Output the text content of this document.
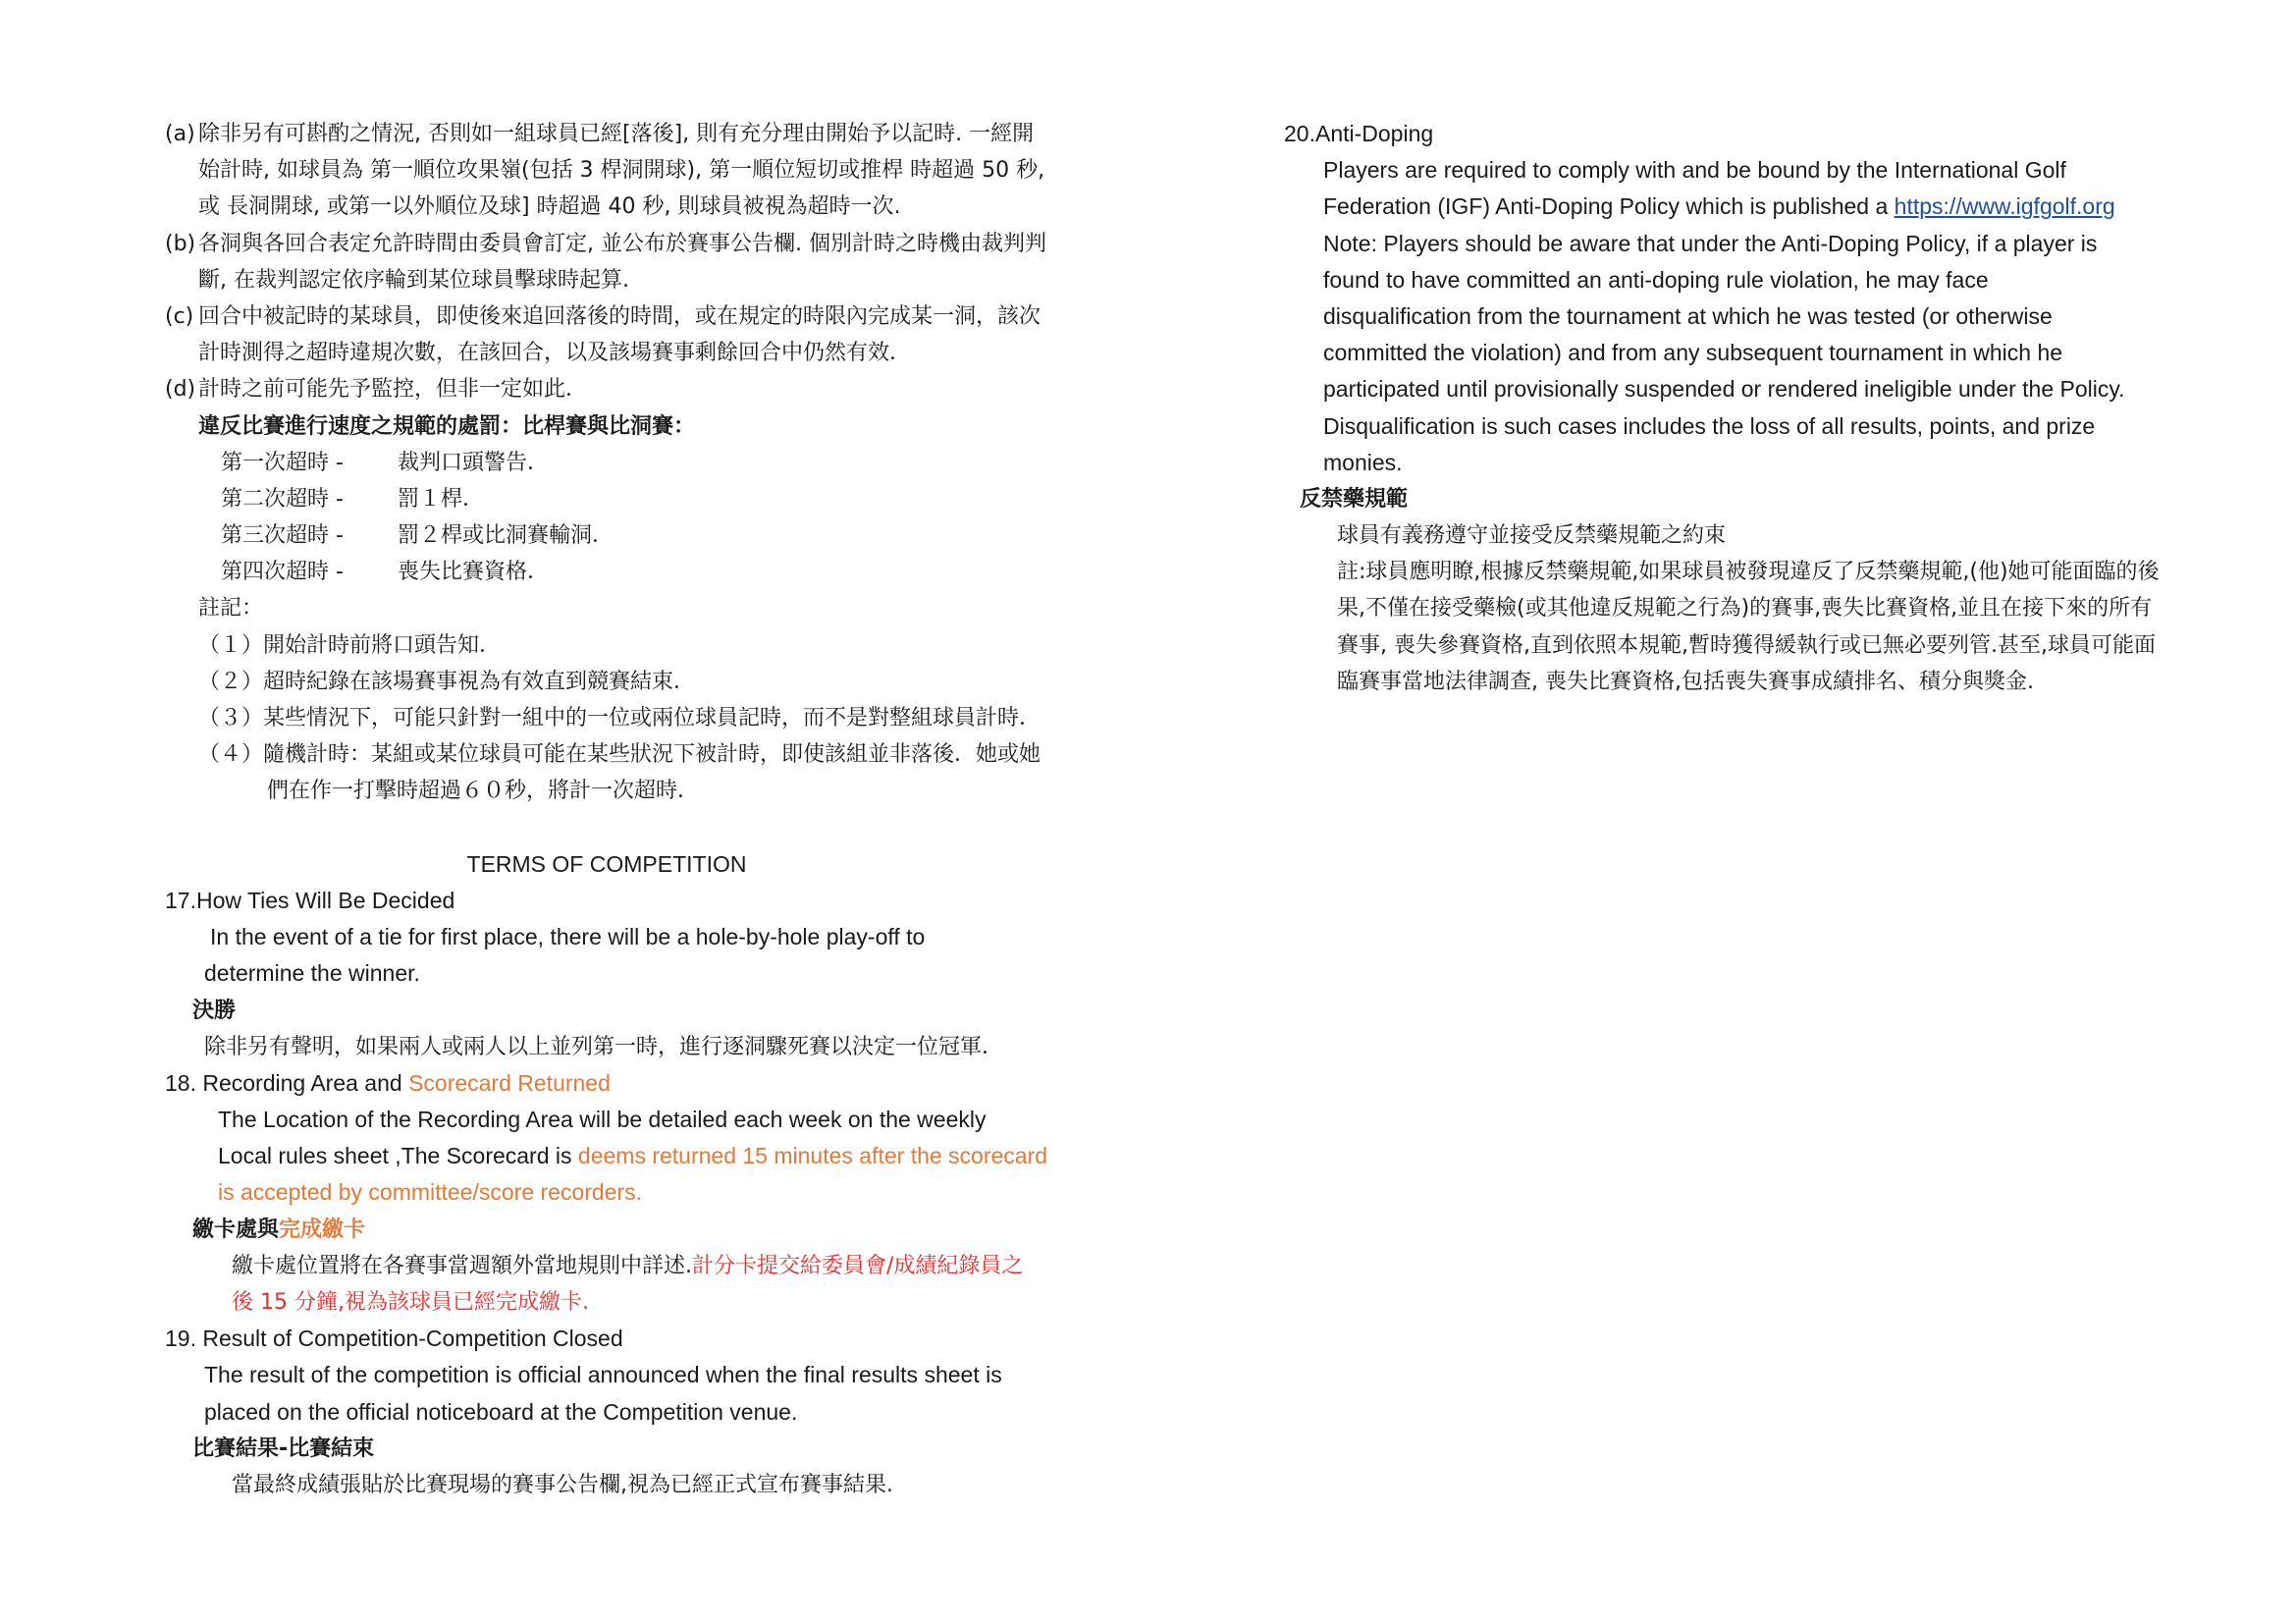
(a) 除非另有可斟酌之情況, 否則如一組球員已經[落後], 則有充分理由開始予以記時. 一經開
始計時, 如球員為 第一順位攻果嶺(包括 3 桿洞開球), 第一順位短切或推桿 時超過 50 秒,
或 長洞開球, 或第一以外順位及球] 時超過 40 秒, 則球員被視為超時一次.
(b) 各洞與各回合表定允許時間由委員會訂定, 並公布於賽事公告欄. 個別計時之時機由裁判判
斷, 在裁判認定依序輪到某位球員擊球時起算.
(c) 回合中被記時的某球員，即使後來追回落後的時間，或在規定的時限內完成某一洞，該次
計時測得之超時違規次數，在該回合，以及該場賽事剩餘回合中仍然有效．
(d) 計時之前可能先予監控，但非一定如此．
違反比賽進行速度之規範的處罰：比桿賽與比洞賽：
第一次超時 -	裁判口頭警告．
第二次超時 -	罰１桿．
第三次超時 -	罰２桿或比洞賽輸洞．
第四次超時 -	喪失比賽資格．
註記：
（１）開始計時前將口頭告知．
（２）超時紀錄在該場賽事視為有效直到競賽結束．
（３）某些情況下，可能只針對一組中的一位或兩位球員記時，而不是對整組球員計時．
（４）隨機計時：某組或某位球員可能在某些狀況下被計時，即使該組並非落後．她或她
們在作一打擊時超過６０秒，將計一次超時．
TERMS OF COMPETITION
17.How Ties Will Be Decided
In the event of a tie for first place, there will be a hole-by-hole play-off to
determine the winner.
決勝
除非另有聲明，如果兩人或兩人以上並列第一時，進行逐洞驟死賽以決定一位冠軍．
18. Recording Area and Scorecard Returned
The Location of the Recording Area will be detailed each week on the weekly
Local rules sheet ,The Scorecard is deems returned 15 minutes after the scorecard
is accepted by committee/score recorders.
繳卡處與完成繳卡
繳卡處位置將在各賽事當週額外當地規則中詳述.計分卡提交給委員會/成績紀錄員之
後 15 分鐘,視為該球員已經完成繳卡.
19. Result of Competition-Competition Closed
The result of the competition is official announced when the final results sheet is
placed on the official noticeboard at the Competition venue.
比賽結果-比賽結束
當最終成績張貼於比賽現場的賽事公告欄,視為已經正式宣布賽事結果.
20.Anti-Doping
Players are required to comply with and be bound by the International Golf
Federation (IGF) Anti-Doping Policy which is published a https://www.igfgolf.org
Note: Players should be aware that under the Anti-Doping Policy, if a player is
found to have committed an anti-doping rule violation, he may face
disqualification from the tournament at which he was tested (or otherwise
committed the violation) and from any subsequent tournament in which he
participated until provisionally suspended or rendered ineligible under the Policy.
Disqualification is such cases includes the loss of all results, points, and prize
monies.
反禁藥規範
球員有義務遵守並接受反禁藥規範之約束
註:球員應明瞭,根據反禁藥規範,如果球員被發現違反了反禁藥規範,(他)她可能面臨的後
果,不僅在接受藥檢(或其他違反規範之行為)的賽事,喪失比賽資格,並且在接下來的所有
賽事, 喪失參賽資格,直到依照本規範,暫時獲得緩執行或已無必要列管.甚至,球員可能面
臨賽事當地法律調查, 喪失比賽資格,包括喪失賽事成績排名、積分與獎金.
